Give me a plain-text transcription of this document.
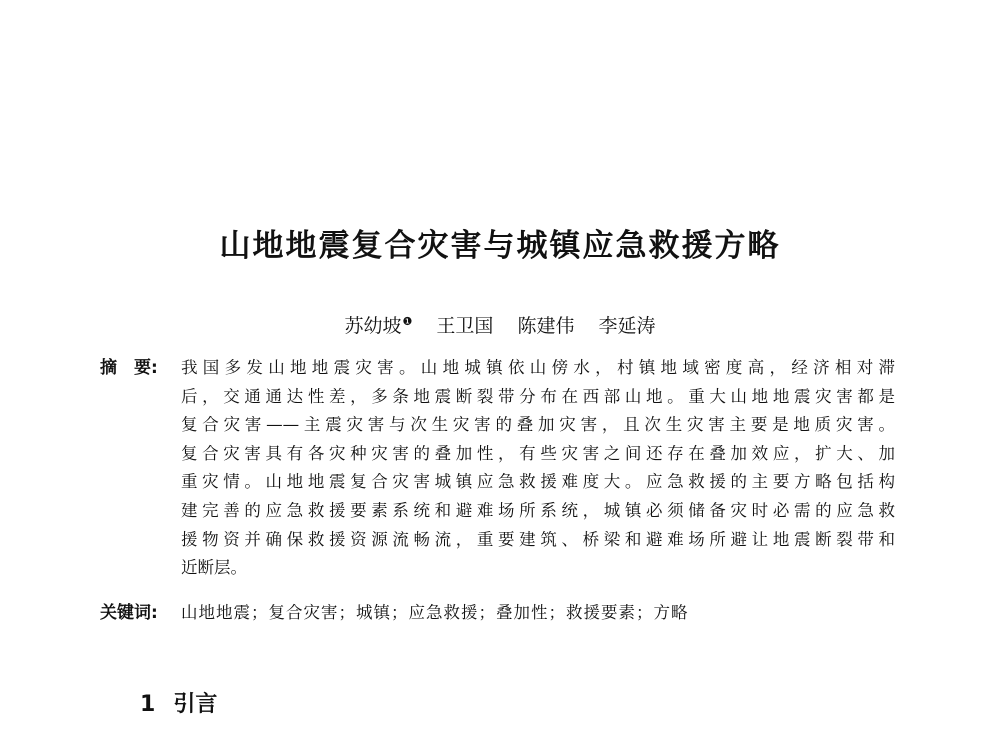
山地地震复合灾害与城镇应急救援方略
苏幼坡$^❶$ 王卫国 陈建伟 李延涛
摘　要: 我国多发山地地震灾害。山地城镇依山傍水，村镇地域密度高，经济相对滞
后，交通通达性差，多条地震断裂带分布在西部山地。重大山地地震灾害都是
复合灾害——主震灾害与次生灾害的叠加灾害，且次生灾害主要是地质灾害。
复合灾害具有各灾种灾害的叠加性，有些灾害之间还存在叠加效应，扩大、加
重灾情。山地地震复合灾害城镇应急救援难度大。应急救援的主要方略包括构
建完善的应急救援要素系统和避难场所系统，城镇必须储备灾时必需的应急救
援物资并确保救援资源流畅流，重要建筑、桥梁和避难场所避让地震断裂带和
近断层。
关键词: 山地地震；复合灾害；城镇；应急救援；叠加性；救援要素；方略
1 引言
